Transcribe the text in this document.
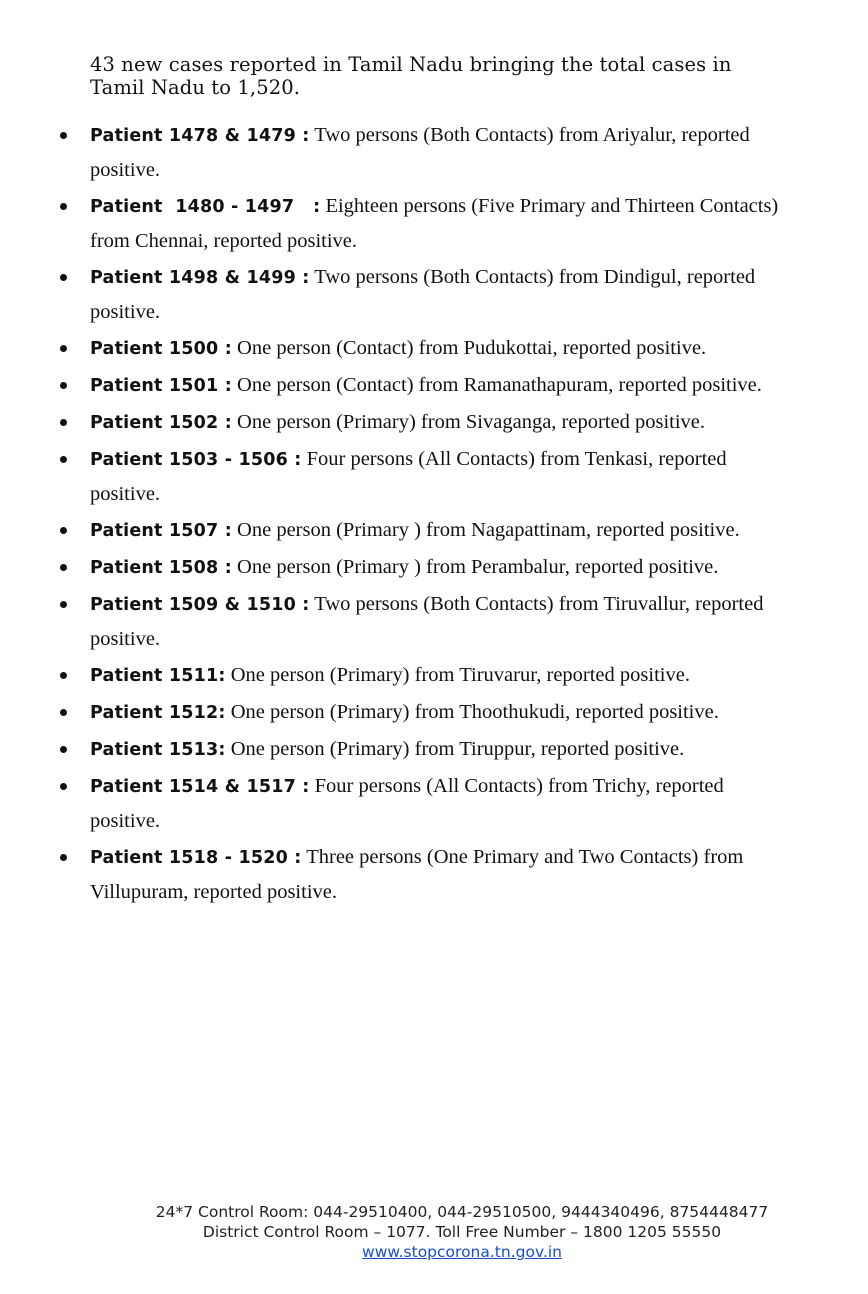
43 new cases reported in Tamil Nadu bringing the total cases in Tamil Nadu to 1,520.
Patient 1478 & 1479 : Two persons (Both Contacts) from Ariyalur, reported positive.
Patient  1480 - 1497   : Eighteen persons (Five Primary and Thirteen Contacts) from Chennai, reported positive.
Patient 1498 & 1499 : Two persons (Both Contacts) from Dindigul, reported positive.
Patient 1500 : One person (Contact) from Pudukottai, reported positive.
Patient 1501 : One person (Contact) from Ramanathapuram, reported positive.
Patient 1502 : One person (Primary) from Sivaganga, reported positive.
Patient 1503 - 1506 : Four persons (All Contacts) from Tenkasi, reported positive.
Patient 1507 : One person (Primary ) from Nagapattinam, reported positive.
Patient 1508 : One person (Primary ) from Perambalur, reported positive.
Patient 1509 & 1510 : Two persons (Both Contacts) from Tiruvallur, reported positive.
Patient 1511: One person (Primary) from Tiruvarur, reported positive.
Patient 1512: One person (Primary) from Thoothukudi, reported positive.
Patient 1513: One person (Primary) from Tiruppur, reported positive.
Patient 1514 & 1517 : Four persons (All Contacts) from Trichy, reported positive.
Patient 1518 - 1520 : Three persons (One Primary and Two Contacts) from Villupuram, reported positive.
24*7 Control Room: 044-29510400, 044-29510500, 9444340496, 8754448477
District Control Room – 1077. Toll Free Number – 1800 1205 55550
www.stopcorona.tn.gov.in
